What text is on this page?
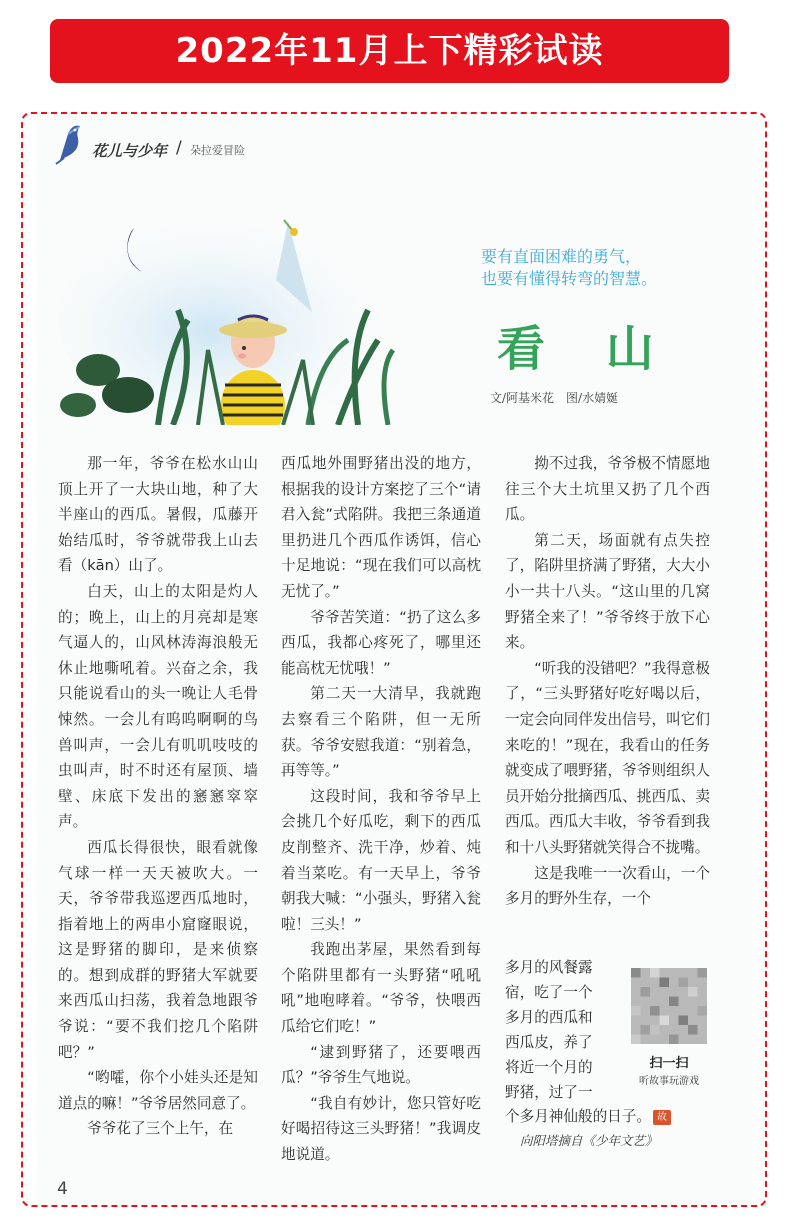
2022年11月上下精彩试读
花儿与少年 / 朵拉爱冒险
要有直面困难的勇气，
也要有懂得转弯的智慧。
看 山
文/阿基米花　图/水婧娫

那一年，爷爷在松水山山顶上开了一大块山地，种了大半座山的西瓜。暑假，瓜藤开始结瓜时，爷爷就带我上山去看（kān）山了。

白天，山上的太阳是灼人的；晚上，山上的月亮却是寒气逼人的，山风林涛海浪般无休止地嘶吼着。兴奋之余，我只能说看山的头一晚让人毛骨悚然。一会儿有呜呜啊啊的鸟兽叫声，一会儿有叽叽吱吱的虫叫声，时不时还有屋顶、墙壁、床底下发出的窸窸窣窣声。

西瓜长得很快，眼看就像气球一样一天天被吹大。一天，爷爷带我巡逻西瓜地时，指着地上的两串小窟窿眼说，这是野猪的脚印，是来侦察的。想到成群的野猪大军就要来西瓜山扫荡，我着急地跟爷爷说：“要不我们挖几个陷阱吧？”

“哟嚯，你个小娃头还是知道点的嘛！”爷爷居然同意了。

爷爷花了三个上午，在

西瓜地外围野猪出没的地方，根据我的设计方案挖了三个“请君入瓮”式陷阱。我把三条通道里扔进几个西瓜作诱饵，信心十足地说：“现在我们可以高枕无忧了。”

爷爷苦笑道：“扔了这么多西瓜，我都心疼死了，哪里还能高枕无忧哦！”

第二天一大清早，我就跑去察看三个陷阱，但一无所获。爷爷安慰我道：“别着急，再等等。”

这段时间，我和爷爷早上会挑几个好瓜吃，剩下的西瓜皮削整齐、洗干净，炒着、炖着当菜吃。有一天早上，爷爷朝我大喊：“小强头，野猪入瓮啦！三头！”

我跑出茅屋，果然看到每个陷阱里都有一头野猪“吼吼吼”地咆哮着。“爷爷，快喂西瓜给它们吃！”

“逮到野猪了，还要喂西瓜？”爷爷生气地说。

“我自有妙计，您只管好吃好喝招待这三头野猪！”我调皮地说道。

拗不过我，爷爷极不情愿地往三个大土坑里又扔了几个西瓜。

第二天，场面就有点失控了，陷阱里挤满了野猪，大大小小一共十八头。“这山里的几窝野猪全来了！”爷爷终于放下心来。

“听我的没错吧？”我得意极了，“三头野猪好吃好喝以后，一定会向同伴发出信号，叫它们来吃的！”现在，我看山的任务就变成了喂野猪，爷爷则组织人员开始分批摘西瓜、挑西瓜、卖西瓜。西瓜大丰收，爷爷看到我和十八头野猪就笑得合不拢嘴。

这是我唯一一次看山，一个多月的野外生存，一个

多月的风餐露
宿，吃了一个
多月的西瓜和
西瓜皮，养了
将近一个月的
野猪，过了一
个多月神仙般的日子。 故
扫一扫
听故事玩游戏
向阳塔摘自《少年文艺》
4
